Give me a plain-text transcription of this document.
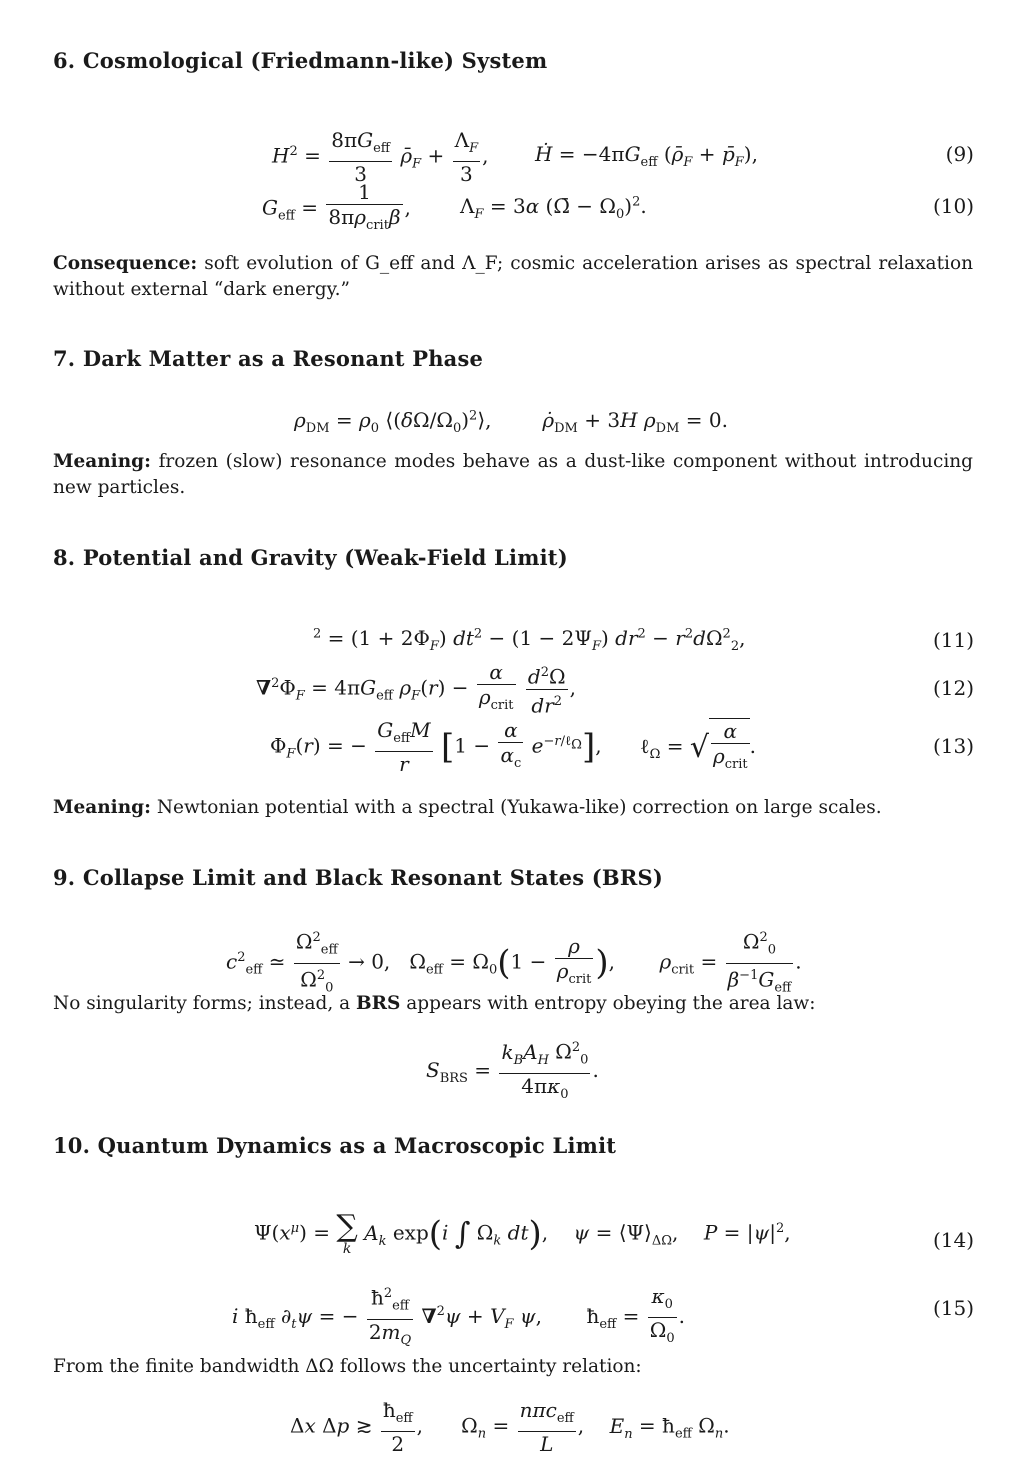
6. Cosmological (Friedmann-like) System
$H^2$ =
$8\pi G_{eff}$
3
$\rhō_F + \frac{\Lambda_F}{3}$ , Ḣ = $-4\pi G_{eff}$ ($\rhō_F$ + $p̄_F$),	(9)
$G_{eff}$ =
1
$8\pi\rho_{crit}\beta$ , $\Lambda_F = 3\alpha$ (Ω̄ − $\Omega_0)^2$.	(10)
Consequence: soft evolution of G_eff and Λ_F; cosmic acceleration arises as spectral relaxation without external “dark energy.”
7. Dark Matter as a Resonant Phase
$\rho_{DM} = \rho_0$ $⟨(\delta\Omega/\Omega_0)^2⟩$,        $\rhȯ_{DM} + 3H$ $\rho_{DM} = 0$.
Meaning: frozen (slow) resonance modes behave as a dust-like component without introducing new particles.
8. Potential and Gravity (Weak-Field Limit)
$^2 = (1 + 2\Phi_F)$ $dt^2 - (1 - 2\Psi_F) dr^2 - r^2d\Omega^2_2$,	(11)
$\nabla^2\Phi_F = 4\pi G_{eff}$ $\rho_F(r)$ −
α
$\rho_{crit}$
$\frac{d^2\Omega}{dr^2}$ ,	(12)
$\Phi_F(r)$ = −
$G_{eff}M$
r $[1 - \frac{\alpha}{\alpha_c} e^{-r/\ell_\Omega}]$, ℓ$_\Omega$ = √ α
$\rho_{crit}$
.	(13)
Meaning: Newtonian potential with a spectral (Yukawa-like) correction on large scales.
9. Collapse Limit and Black Resonant States (BRS)
$c^2_{eff}$ ≃
$\Omega^2_{eff}$
$\Omega^2_0$
→ 0,   $\Omega_{eff} = \Omega_0(1$ −
ρ
$\rho_{crit}$ ),       $\rho_{crit}$ =
$\Omega^2_0$
$\beta^{-1}G_{eff}$
.
No singularity forms; instead, a BRS appears with entropy obeying the area law:
$S_{BRS}$ =
$k_BA_H$ $\Omega^2_0$
$4\pi\kappa_0$
.
10. Quantum Dynamics as a Macroscopic Limit
$\Psi(x^\mu)$ = ∑
k
$A_k$ exp(i ∫ $\Omega_k$ dt),    $\psi = ⟨\Psi⟩_{\Delta\Omega}$,    $P = |\psi|^2$,	(14)
i $ħ_{eff}$ $\partial_t\psi$ = −
$ħ^2_{eff}$
$2m_Q$
$\nabla^2\psi + V_F$ ψ,       $ħ_{eff} = \frac{\kappa_0}{\Omega_0}$ .	(15)
From the finite bandwidth ΔΩ follows the uncertainty relation:
Δx Δp ≳
$ħ_{eff}$
2
,      $\Omega_n$ =
nπc$_{eff}$
L
,    $E_n$ = $ħ_{eff}$ $\Omega_n$.
